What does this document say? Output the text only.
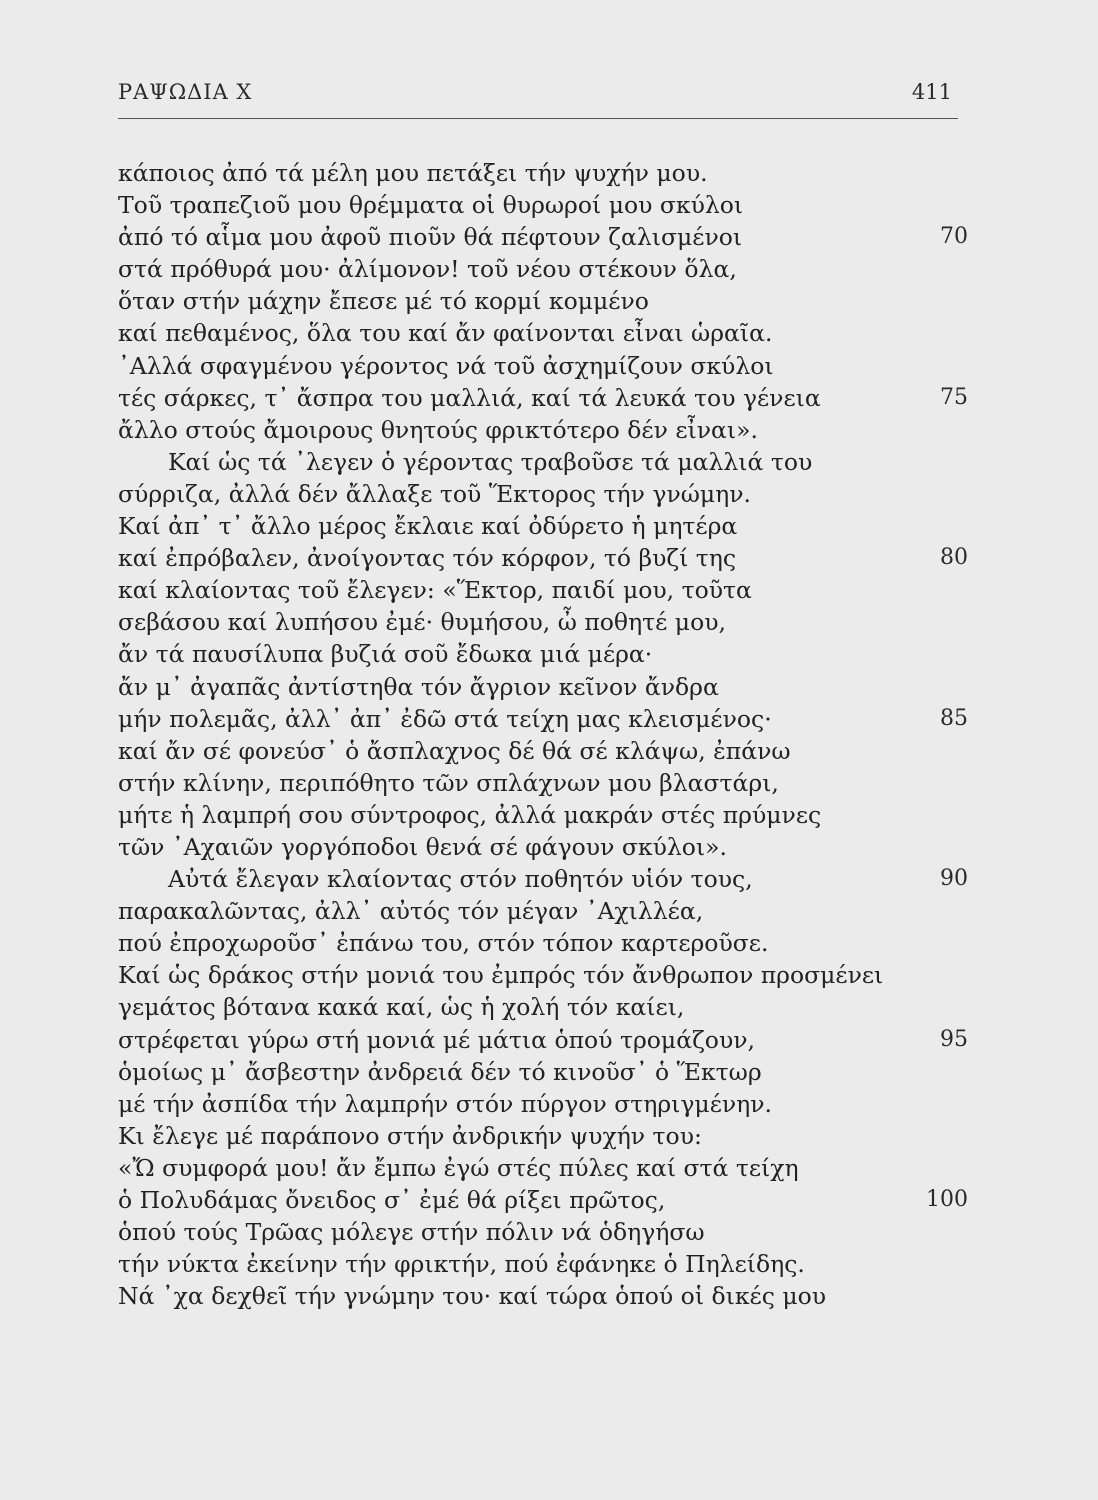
ΡΑΨΩΔΙΑ Χ	411
κάποιος ἀπό τά μέλη μου πετάξει τήν ψυχήν μου.
Τοῦ τραπεζιοῦ μου θρέμματα οἱ θυρωροί μου σκύλοι
ἀπό τό αἷμα μου ἀφοῦ πιοῦν θά πέφτουν ζαλισμένοι	70
στά πρόθυρά μου· ἀλίμονον! τοῦ νέου στέκουν ὅλα,
ὅταν στήν μάχην ἔπεσε μέ τό κορμί κομμένο
καί πεθαμένος, ὅλα του καί ἄν φαίνονται εἶναι ὡραῖα.
᾿Αλλά σφαγμένου γέροντος νά τοῦ ἀσχημίζουν σκύλοι
τές σάρκες, τ᾿ ἄσπρα του μαλλιά, καί τά λευκά του γένεια	75
ἄλλο στούς ἄμοιρους θνητούς φρικτότερο δέν εἶναι».
Καί ὡς τά ᾿λεγεν ὁ γέροντας τραβοῦσε τά μαλλιά του
σύρριζα, ἀλλά δέν ἄλλαξε τοῦ Ἕκτορος τήν γνώμην.
Καί ἀπ᾿ τ᾿ ἄλλο μέρος ἔκλαιε καί ὀδύρετο ἡ μητέρα
καί ἐπρόβαλεν, ἀνοίγοντας τόν κόρφον, τό βυζί της	80
καί κλαίοντας τοῦ ἔλεγεν: «Ἕκτορ, παιδί μου, τοῦτα
σεβάσου καί λυπήσου ἐμέ· θυμήσου, ὦ ποθητέ μου,
ἄν τά παυσίλυπα βυζιά σοῦ ἔδωκα μιά μέρα·
ἄν μ᾿ ἀγαπᾶς ἀντίστηθα τόν ἄγριον κεῖνον ἄνδρα
μήν πολεμᾶς, ἀλλ᾿ ἀπ᾿ ἐδῶ στά τείχη μας κλεισμένος·	85
καί ἄν σέ φονεύσ᾿ ὁ ἄσπλαχνος δέ θά σέ κλάψω, ἐπάνω
στήν κλίνην, περιπόθητο τῶν σπλάχνων μου βλαστάρι,
μήτε ἡ λαμπρή σου σύντροφος, ἀλλά μακράν στές πρύμνες
τῶν ᾿Αχαιῶν γοργόποδοι θενά σέ φάγουν σκύλοι».
Αὐτά ἔλεγαν κλαίοντας στόν ποθητόν υἱόν τους,	90
παρακαλῶντας, ἀλλ᾿ αὐτός τόν μέγαν ᾿Αχιλλέα,
πού ἐπροχωροῦσ᾿ ἐπάνω του, στόν τόπον καρτεροῦσε.
Καί ὡς δράκος στήν μονιά του ἐμπρός τόν ἄνθρωπον προσμένει
γεμάτος βότανα κακά καί, ὡς ἡ χολή τόν καίει,
στρέφεται γύρω στή μονιά μέ μάτια ὁπού τρομάζουν,	95
ὁμοίως μ᾿ ἄσβεστην ἀνδρειά δέν τό κινοῦσ᾿ ὁ Ἕκτωρ
μέ τήν ἀσπίδα τήν λαμπρήν στόν πύργον στηριγμένην.
Κι ἔλεγε μέ παράπονο στήν ἀνδρικήν ψυχήν του:
«Ὤ συμφορά μου! ἄν ἔμπω ἐγώ στές πύλες καί στά τείχη
ὁ Πολυδάμας ὄνειδος σ᾿ ἐμέ θά ρίξει πρῶτος,	100
ὁπού τούς Τρῶας μόλεγε στήν πόλιν νά ὁδηγήσω
τήν νύκτα ἐκείνην τήν φρικτήν, πού ἐφάνηκε ὁ Πηλείδης.
Νά ᾿χα δεχθεῖ τήν γνώμην του· καί τώρα ὁπού οἱ δικές μου
